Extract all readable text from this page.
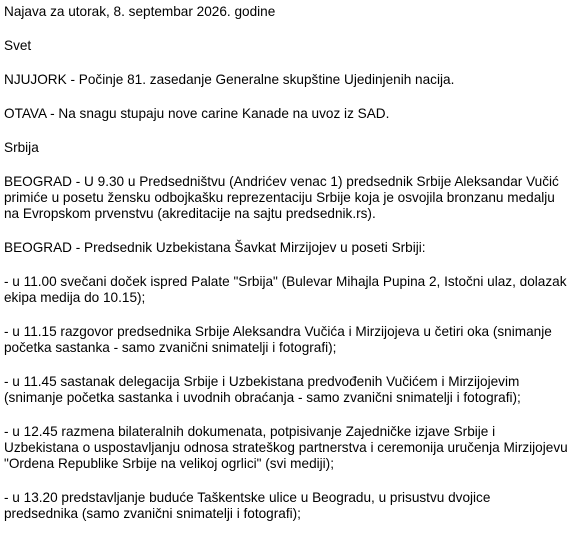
Najava za utorak, 8. septembar 2026. godine

Svet

NJUJORK - Počinje 81. zasedanje Generalne skupštine Ujedinjenih nacija.

OTAVA - Na snagu stupaju nove carine Kanade na uvoz iz SAD.

Srbija

BEOGRAD - U 9.30 u Predsedništvu (Andrićev venac 1) predsednik Srbije Aleksandar Vučić primiće u posetu žensku odbojkašku reprezentaciju Srbije koja je osvojila bronzanu medalju na Evropskom prvenstvu (akreditacije na sajtu predsednik.rs).

BEOGRAD - Predsednik Uzbekistana Šavkat Mirzijojev u poseti Srbiji:

- u 11.00 svečani doček ispred Palate "Srbija" (Bulevar Mihajla Pupina 2, Istočni ulaz, dolazak ekipa medija do 10.15);

- u 11.15 razgovor predsednika Srbije Aleksandra Vučića i Mirzijojeva u četiri oka (snimanje početka sastanka - samo zvanični snimatelji i fotografi);

- u 11.45 sastanak delegacija Srbije i Uzbekistana predvođenih Vučićem i Mirzijojevim (snimanje početka sastanka i uvodnih obraćanja - samo zvanični snimatelji i fotografi);

- u 12.45 razmena bilateralnih dokumenata, potpisivanje Zajedničke izjave Srbije i Uzbekistana o uspostavljanju odnosa strateškog partnerstva i ceremonija uručenja Mirzijojevu "Ordena Republike Srbije na velikoj ogrlici" (svi mediji);

- u 13.20 predstavljanje buduće Taškentske ulice u Beogradu, u prisustvu dvojice predsednika (samo zvanični snimatelji i fotografi);
